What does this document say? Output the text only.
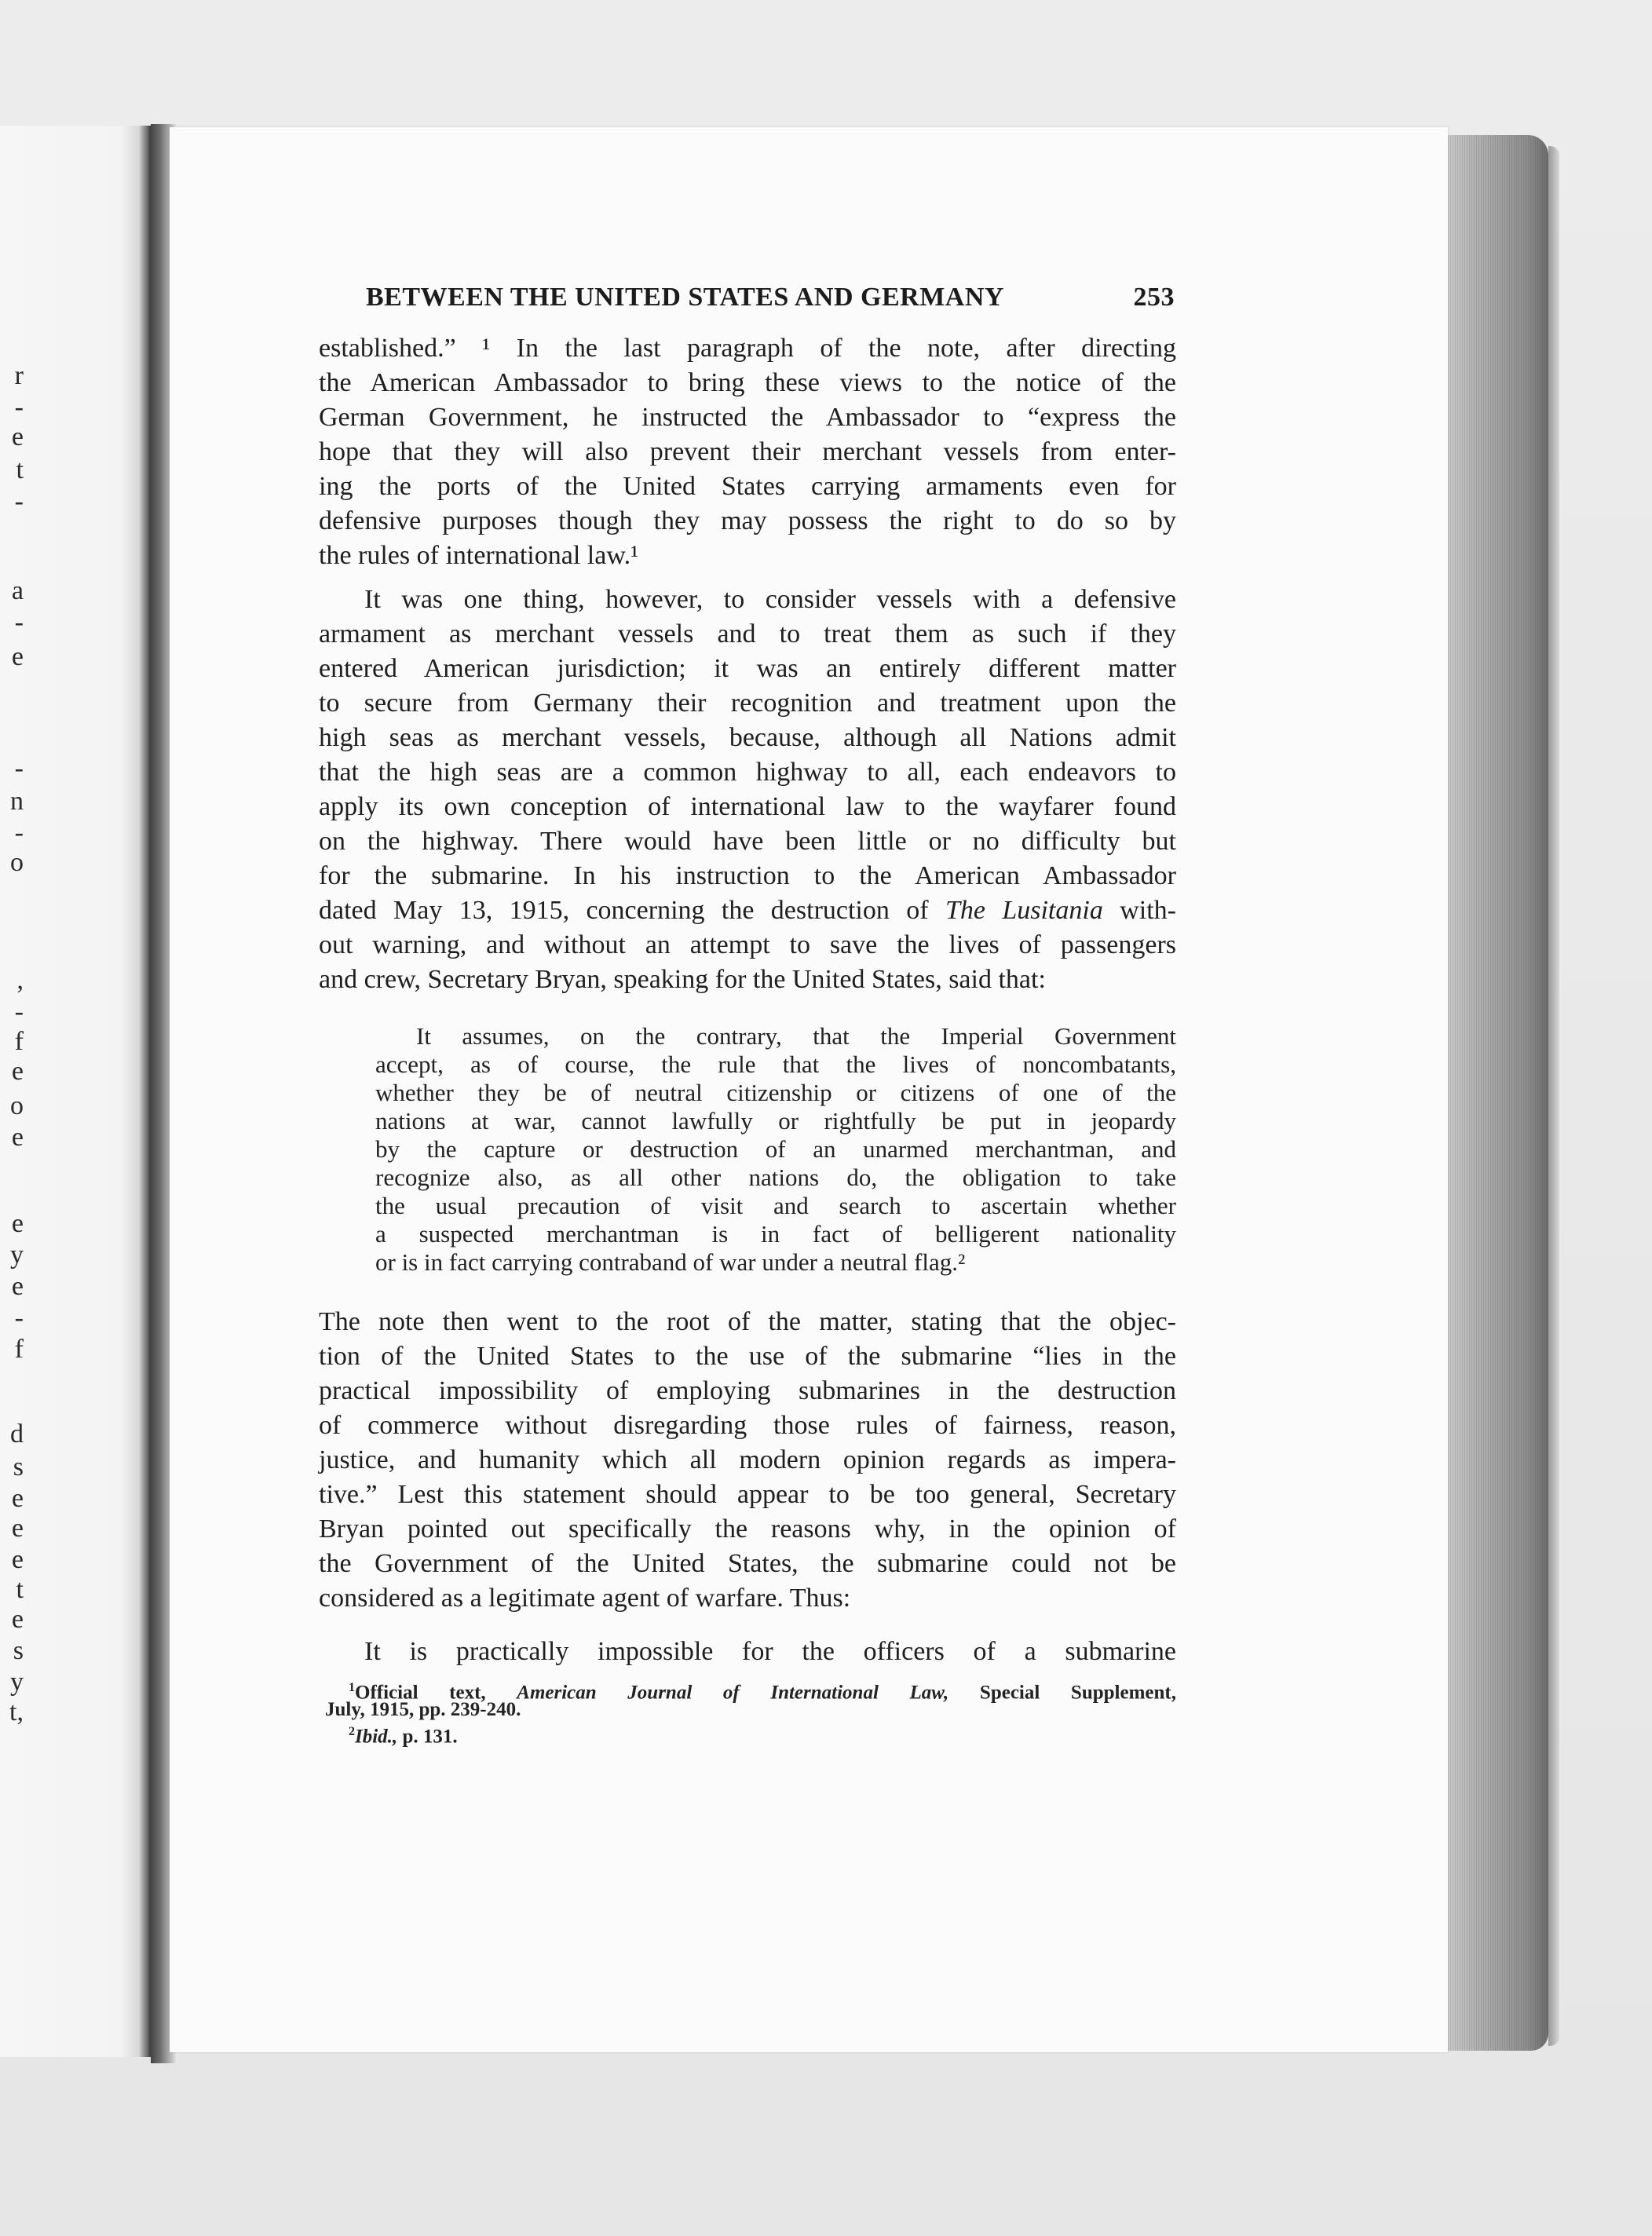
BETWEEN THE UNITED STATES AND GERMANY	253
established.” ¹ In the last paragraph of the note, after directing
the American Ambassador to bring these views to the notice of the
German Government, he instructed the Ambassador to “express the
hope that they will also prevent their merchant vessels from enter-
ing the ports of the United States carrying armaments even for
defensive purposes though they may possess the right to do so by
the rules of international law.¹
It was one thing, however, to consider vessels with a defensive
armament as merchant vessels and to treat them as such if they
entered American jurisdiction; it was an entirely different matter
to secure from Germany their recognition and treatment upon the
high seas as merchant vessels, because, although all Nations admit
that the high seas are a common highway to all, each endeavors to
apply its own conception of international law to the wayfarer found
on the highway. There would have been little or no difficulty but
for the submarine. In his instruction to the American Ambassador
dated May 13, 1915, concerning the destruction of The Lusitania with-
out warning, and without an attempt to save the lives of passengers
and crew, Secretary Bryan, speaking for the United States, said that:
It assumes, on the contrary, that the Imperial Government
accept, as of course, the rule that the lives of noncombatants,
whether they be of neutral citizenship or citizens of one of the
nations at war, cannot lawfully or rightfully be put in jeopardy
by the capture or destruction of an unarmed merchantman, and
recognize also, as all other nations do, the obligation to take
the usual precaution of visit and search to ascertain whether
a suspected merchantman is in fact of belligerent nationality
or is in fact carrying contraband of war under a neutral flag.²
The note then went to the root of the matter, stating that the objec-
tion of the United States to the use of the submarine “lies in the
practical impossibility of employing submarines in the destruction
of commerce without disregarding those rules of fairness, reason,
justice, and humanity which all modern opinion regards as impera-
tive.” Lest this statement should appear to be too general, Secretary
Bryan pointed out specifically the reasons why, in the opinion of
the Government of the United States, the submarine could not be
considered as a legitimate agent of warfare. Thus:
It is practically impossible for the officers of a submarine
$^1$Official text, American Journal of International Law, Special Supplement,
July, 1915, pp. 239-240.
$^2$Ibid., p. 131.
r
-
e
t
-
a
-
e
-
n
-
o
,
-
f
e
o
e
e
y
e
-
f
d
s
e
e
e
t
e
s
y
t,
